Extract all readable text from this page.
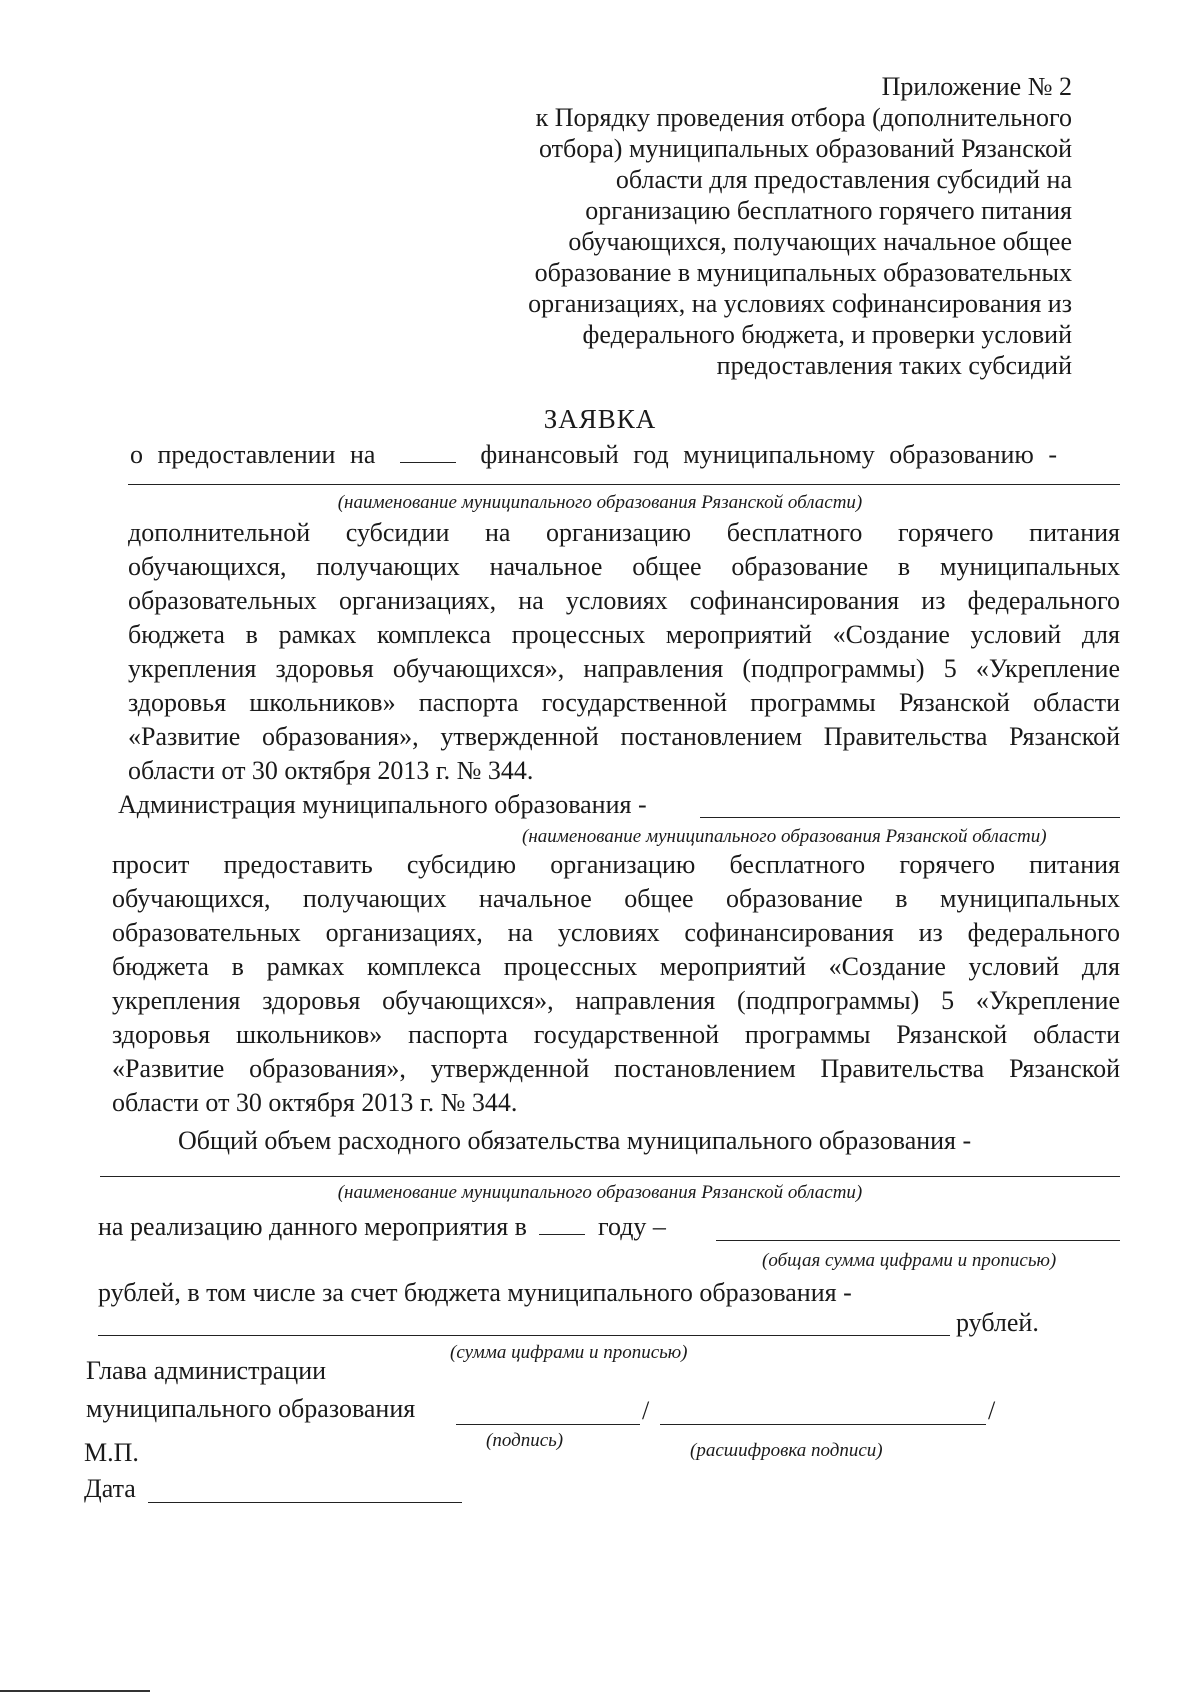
Приложение № 2
к Порядку проведения отбора (дополнительного
отбора) муниципальных образований Рязанской
области для предоставления субсидий на
организацию бесплатного горячего питания
обучающихся, получающих начальное общее
образование в муниципальных образовательных
организациях, на условиях софинансирования из
федерального бюджета, и проверки условий
предоставления таких субсидий
ЗАЯВКА
о предоставлении на	финансовый год муниципальному образованию -
(наименование муниципального образования Рязанской области)
дополнительной субсидии на организацию бесплатного горячего питания
обучающихся, получающих начальное общее образование в муниципальных
образовательных организациях, на условиях софинансирования из федерального
бюджета в рамках комплекса процессных мероприятий «Создание условий для
укрепления здоровья обучающихся», направления (подпрограммы) 5 «Укрепление
здоровья школьников» паспорта государственной программы Рязанской области
«Развитие образования», утвержденной постановлением Правительства Рязанской
области от 30 октября 2013 г. № 344.
Администрация муниципального образования -
(наименование муниципального образования Рязанской области)
просит предоставить субсидию организацию бесплатного горячего питания
обучающихся, получающих начальное общее образование в муниципальных
образовательных организациях, на условиях софинансирования из федерального
бюджета в рамках комплекса процессных мероприятий «Создание условий для
укрепления здоровья обучающихся», направления (подпрограммы) 5 «Укрепление
здоровья школьников» паспорта государственной программы Рязанской области
«Развитие образования», утвержденной постановлением Правительства Рязанской
области от 30 октября 2013 г. № 344.
Общий объем расходного обязательства муниципального образования -
(наименование муниципального образования Рязанской области)
на реализацию данного мероприятия в	году –
(общая сумма цифрами и прописью)
рублей, в том числе за счет бюджета муниципального образования -
рублей.
(сумма цифрами и прописью)
Глава администрации
муниципального образования	/	/
(подпись)	(расшифровка подписи)
М.П.
Дата
